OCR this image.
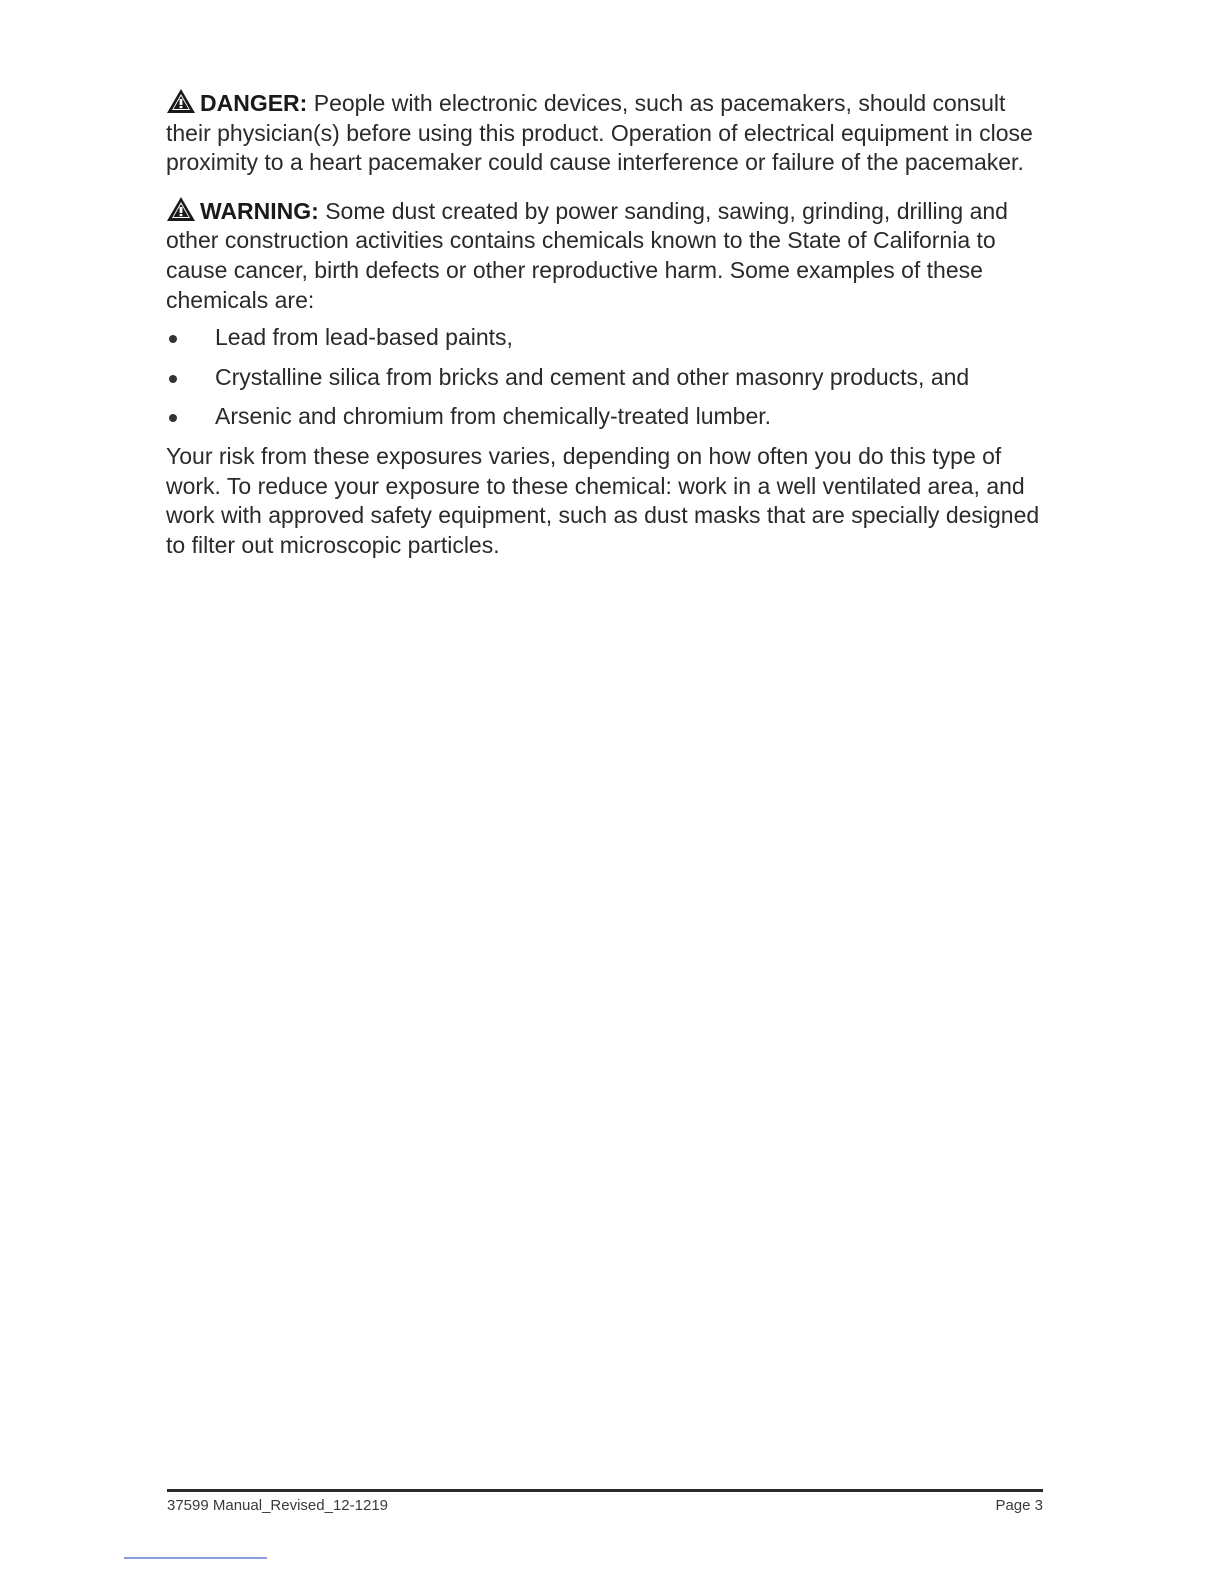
DANGER: People with electronic devices, such as pacemakers, should consult their physician(s) before using this product. Operation of electrical equipment in close proximity to a heart pacemaker could cause interference or failure of the pacemaker.

WARNING: Some dust created by power sanding, sawing, grinding, drilling and other construction activities contains chemicals known to the State of California to cause cancer, birth defects or other reproductive harm. Some examples of these chemicals are:

Lead from lead-based paints,
Crystalline silica from bricks and cement and other masonry products, and
Arsenic and chromium from chemically-treated lumber.

Your risk from these exposures varies, depending on how often you do this type of work. To reduce your exposure to these chemical: work in a well ventilated area, and work with approved safety equipment, such as dust masks that are specially designed to filter out microscopic particles.

37599 Manual_Revised_12-1219	Page 3
